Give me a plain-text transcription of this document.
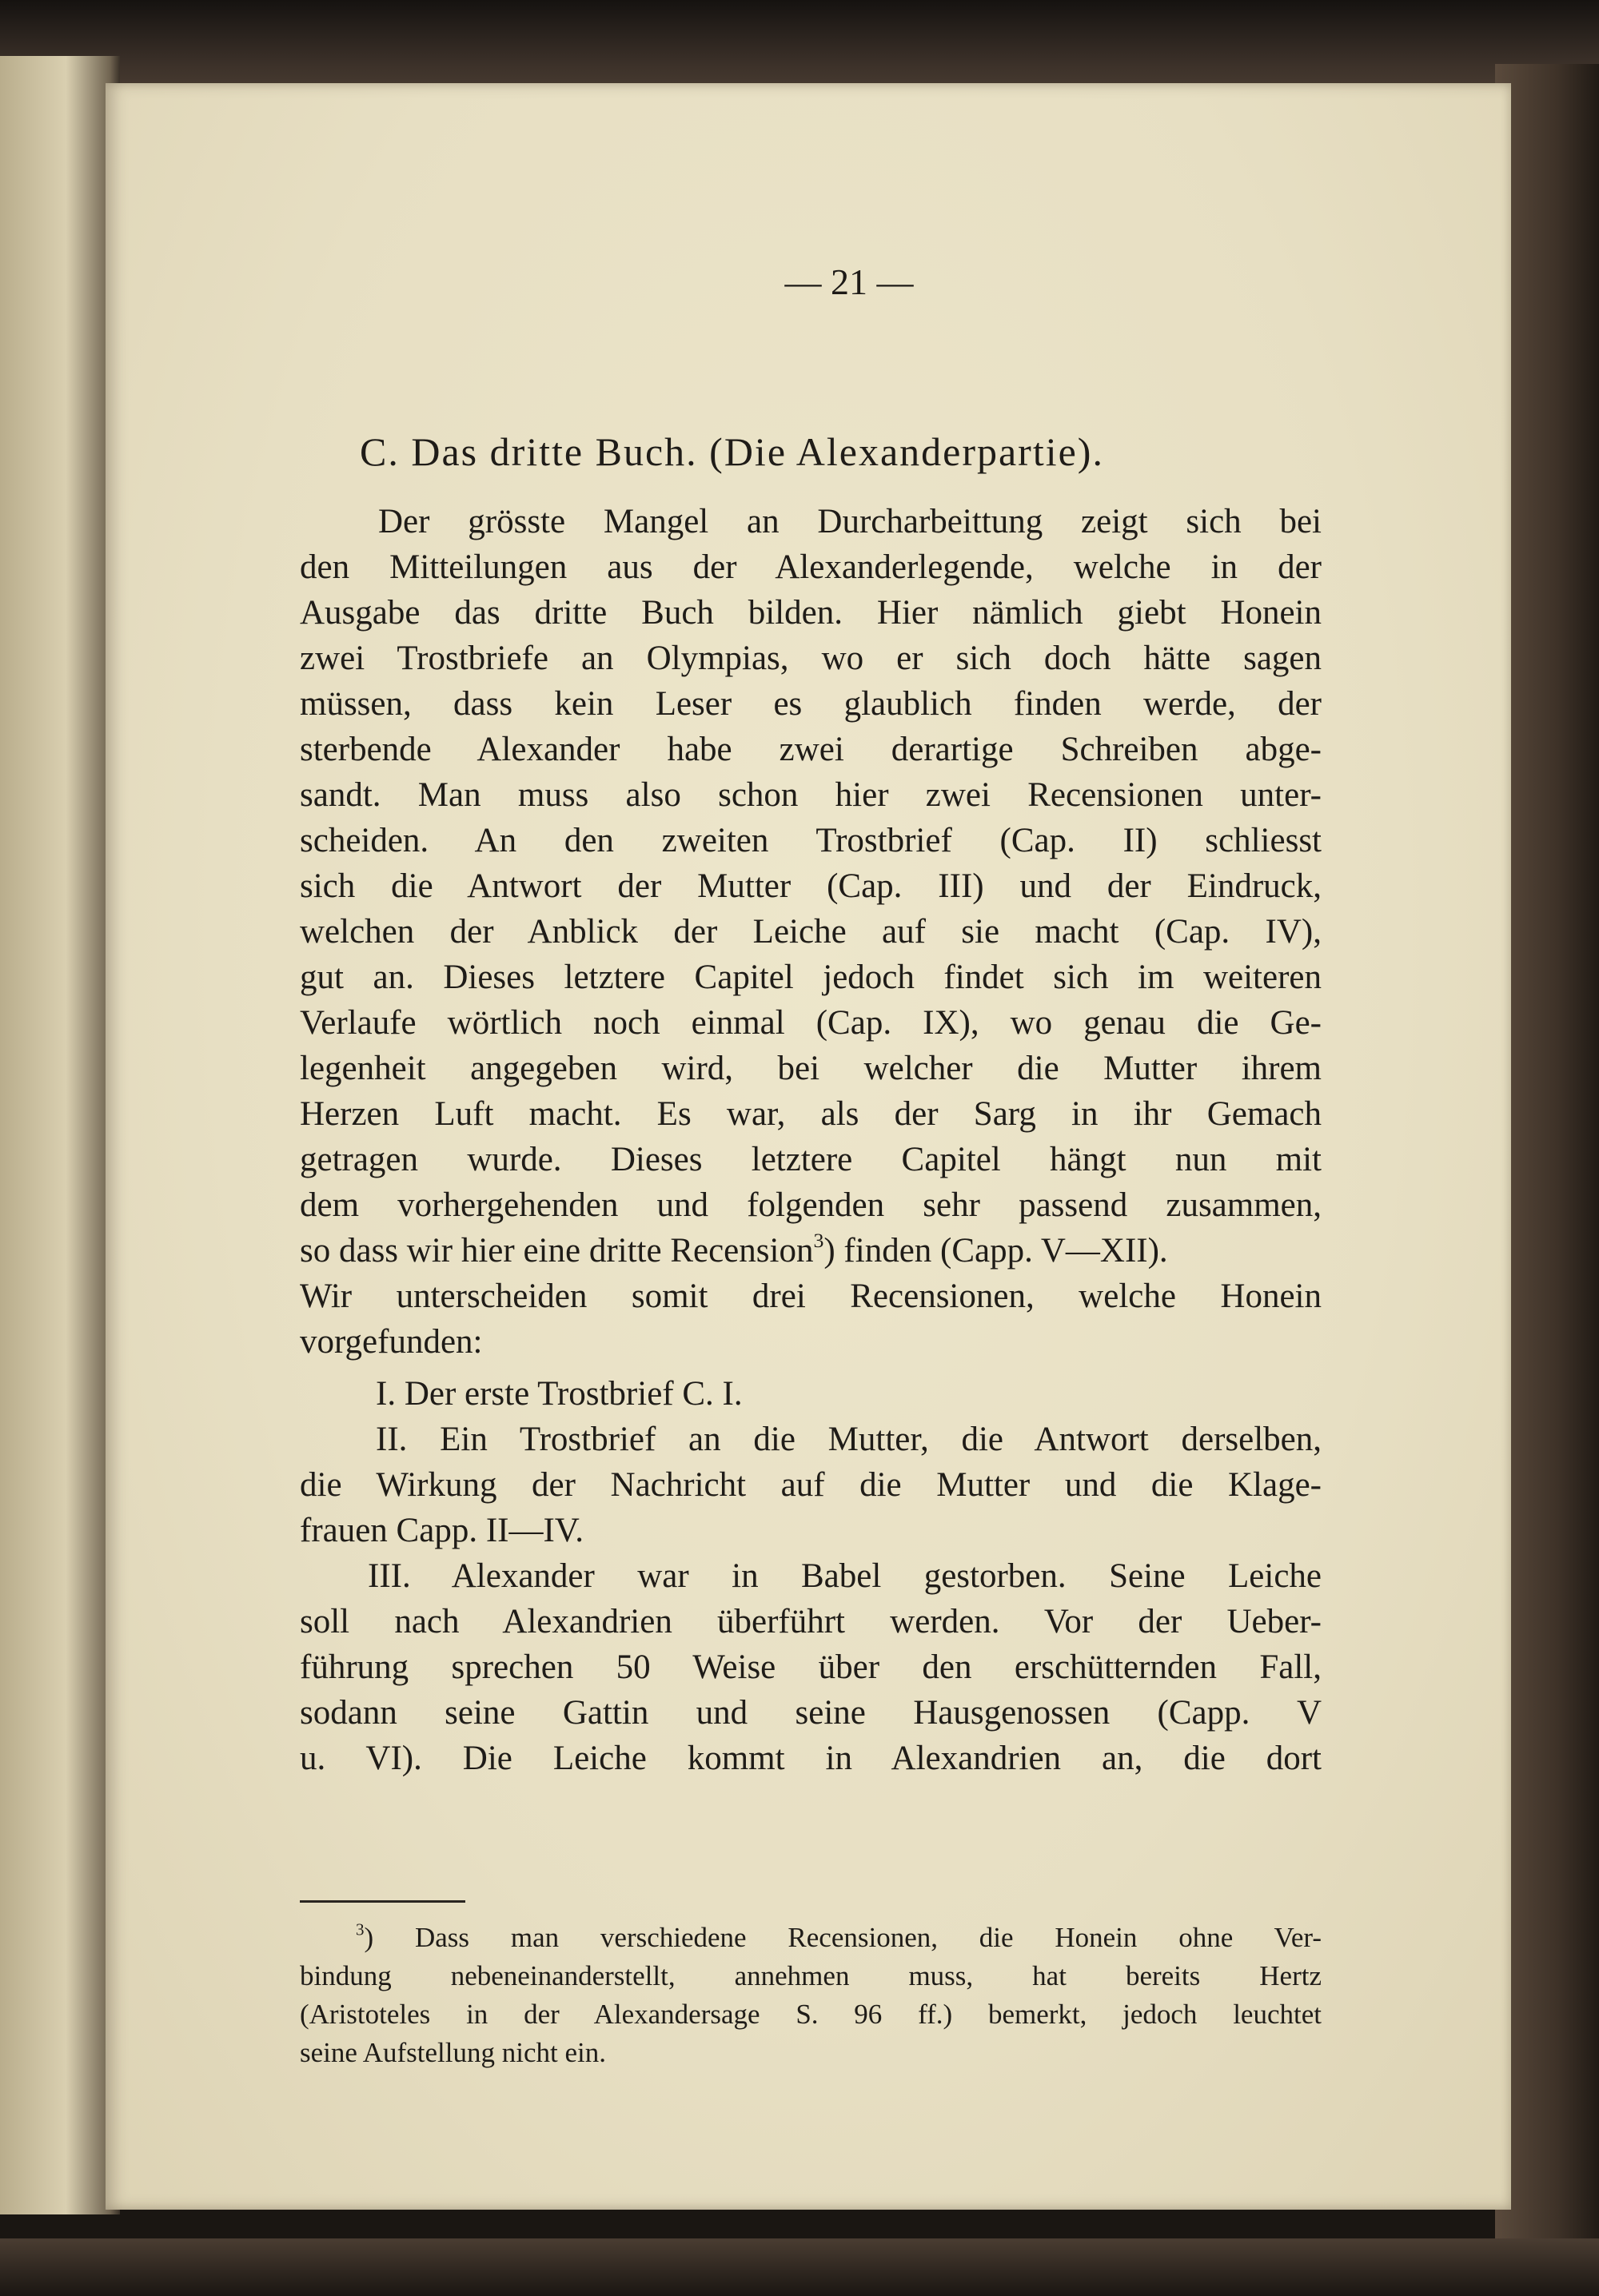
— 21 —
C. Das dritte Buch. (Die Alexanderpartie).
Der grösste Mangel an Durcharbeittung zeigt sich bei
den Mitteilungen aus der Alexanderlegende, welche in der
Ausgabe das dritte Buch bilden. Hier nämlich giebt Honein
zwei Trostbriefe an Olympias, wo er sich doch hätte sagen
müssen, dass kein Leser es glaublich finden werde, der
sterbende Alexander habe zwei derartige Schreiben abge-
sandt. Man muss also schon hier zwei Recensionen unter-
scheiden. An den zweiten Trostbrief (Cap. II) schliesst
sich die Antwort der Mutter (Cap. III) und der Eindruck,
welchen der Anblick der Leiche auf sie macht (Cap. IV),
gut an. Dieses letztere Capitel jedoch findet sich im weiteren
Verlaufe wörtlich noch einmal (Cap. IX), wo genau die Ge-
legenheit angegeben wird, bei welcher die Mutter ihrem
Herzen Luft macht. Es war, als der Sarg in ihr Gemach
getragen wurde. Dieses letztere Capitel hängt nun mit
dem vorhergehenden und folgenden sehr passend zusammen,
so dass wir hier eine dritte Recension$^3$) finden (Capp. V—XII).
Wir unterscheiden somit drei Recensionen, welche Honein
vorgefunden:
I. Der erste Trostbrief C. I.
II. Ein Trostbrief an die Mutter, die Antwort derselben,
die Wirkung der Nachricht auf die Mutter und die Klage-
frauen Capp. II—IV.
III. Alexander war in Babel gestorben. Seine Leiche
soll nach Alexandrien überführt werden. Vor der Ueber-
führung sprechen 50 Weise über den erschütternden Fall,
sodann seine Gattin und seine Hausgenossen (Capp. V
u. VI). Die Leiche kommt in Alexandrien an, die dort
$^3$) Dass man verschiedene Recensionen, die Honein ohne Ver-
bindung nebeneinanderstellt, annehmen muss, hat bereits Hertz
(Aristoteles in der Alexandersage S. 96 ff.) bemerkt, jedoch leuchtet
seine Aufstellung nicht ein.
